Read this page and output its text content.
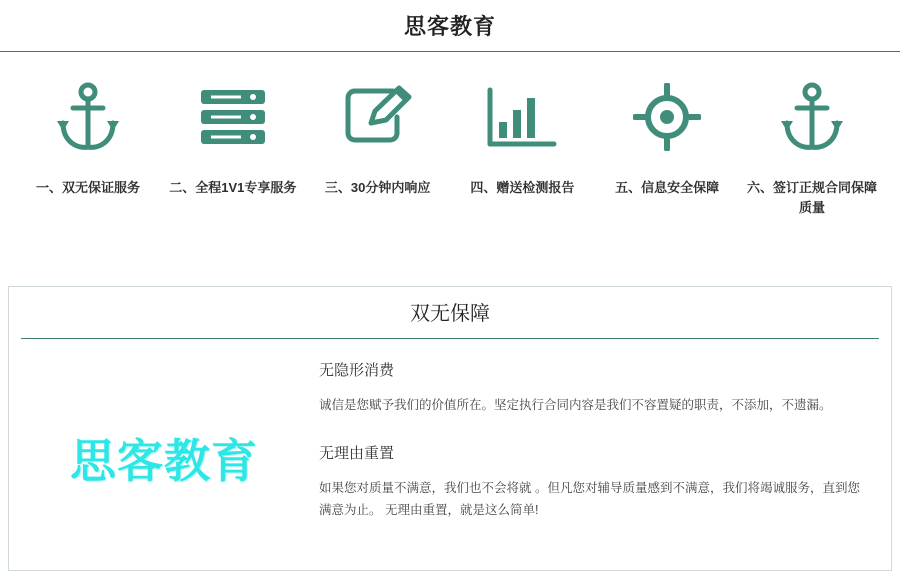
思客教育
一、双无保证服务 二、全程1V1专享服务 三、30分钟内响应	四、赠送检测报告	五、信息安全保障	六、签订正规合同保障质量
双无保障
思客教育
无隐形消费

诚信是您赋予我们的价值所在。坚定执行合同内容是我们不容置疑的职责，不添加，不遗漏。

无理由重置

如果您对质量不满意，我们也不会将就 。但凡您对辅导质量感到不满意，我们将竭诚服务，直到您满意为止。 无理由重置，就是这么简单!
